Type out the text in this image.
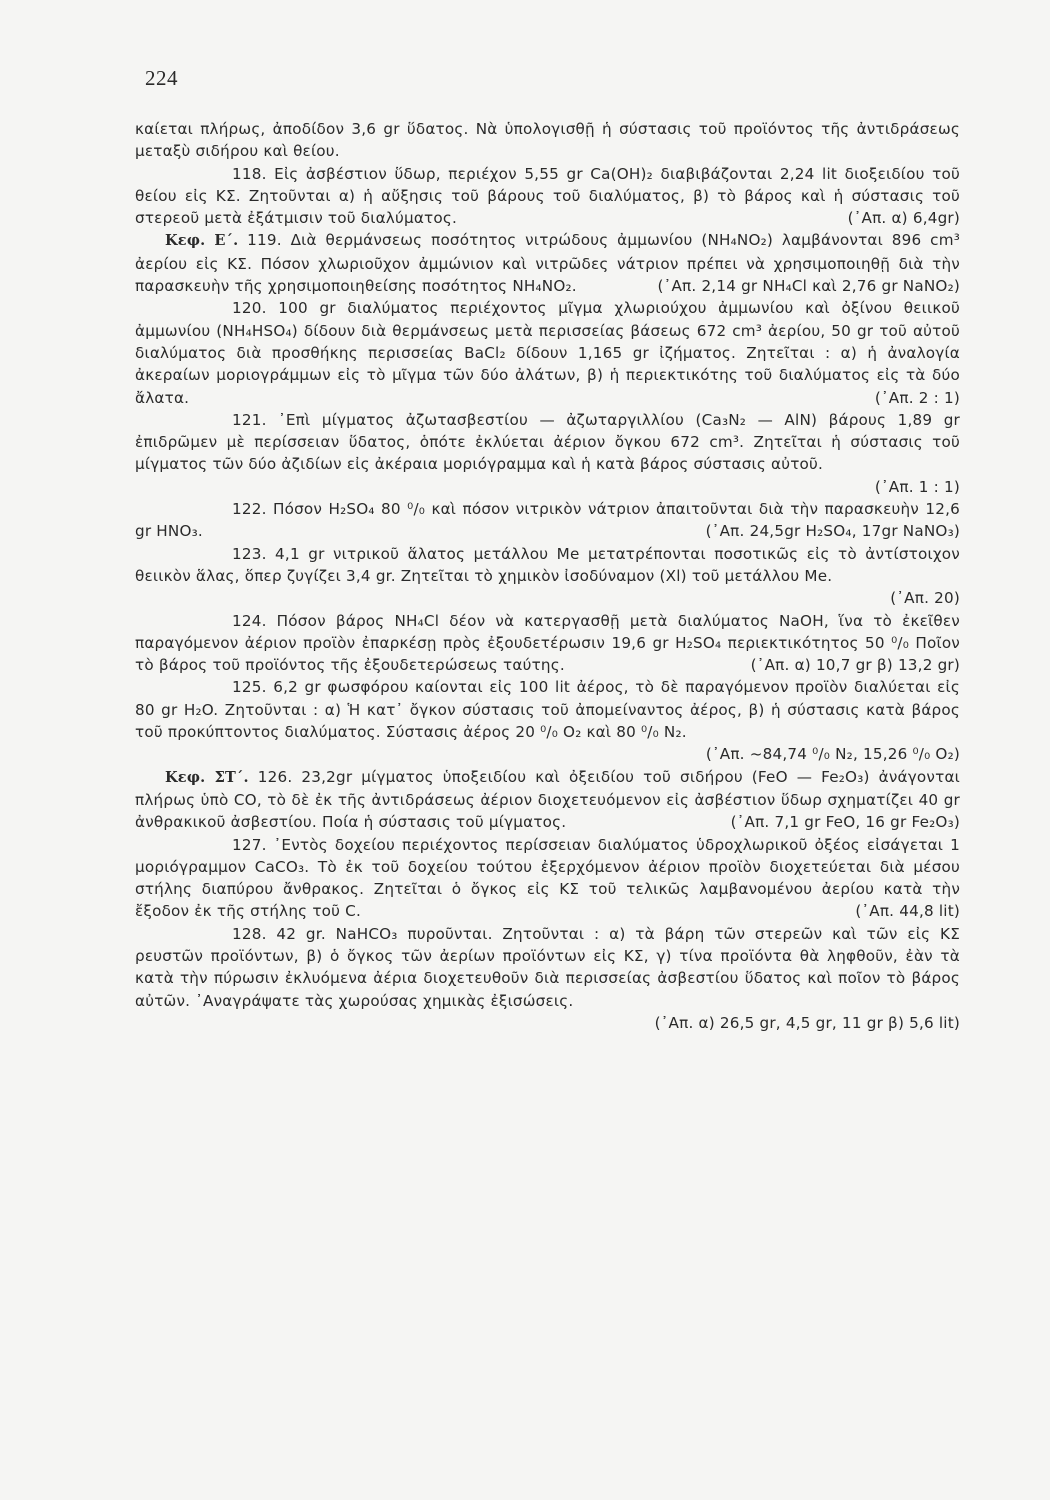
224

καίεται πλήρως, ἀποδίδον 3,6 gr ὕδατος. Νὰ ὑπολογισθῇ ἡ σύστασις τοῦ προϊόντος τῆς ἀντιδράσεως μεταξὺ σιδήρου καὶ θείου.

118. Εἰς ἀσβέστιον ὕδωρ, περιέχον 5,55 gr Ca(OH)₂ διαβιβάζονται 2,24 lit διοξειδίου τοῦ θείου εἰς ΚΣ. Ζητοῦνται α) ἡ αὔξησις τοῦ βάρους τοῦ διαλύματος, β) τὸ βάρος καὶ ἡ σύστασις τοῦ στερεοῦ μετὰ ἐξάτμισιν τοῦ διαλύματος.	(᾿Απ. α) 6,4gr)

Κεφ. Ε΄. 119. Διὰ θερμάνσεως ποσότητος νιτρώδους ἀμμωνίου (NH₄NO₂) λαμβάνονται 896 cm³ ἀερίου εἰς ΚΣ. Πόσον χλωριοῦχον ἀμμώνιον καὶ νιτρῶδες νάτριον πρέπει νὰ χρησιμοποιηθῇ διὰ τὴν παρασκευὴν τῆς χρησιμοποιηθείσης ποσότητος NH₄NO₂.	(᾿Απ. 2,14 gr NH₄Cl καὶ 2,76 gr NaNO₂)

120. 100 gr διαλύματος περιέχοντος μῖγμα χλωριούχου ἀμμωνίου καὶ ὀξίνου θειικοῦ ἀμμωνίου (NH₄HSO₄) δίδουν διὰ θερμάνσεως μετὰ περισσείας βάσεως 672 cm³ ἀερίου, 50 gr τοῦ αὐτοῦ διαλύματος διὰ προσθήκης περισσείας BaCl₂ δίδουν 1,165 gr ἰζήματος. Ζητεῖται : α) ἡ ἀναλογία ἀκεραίων μοριογράμμων εἰς τὸ μῖγμα τῶν δύο ἀλάτων, β) ἡ περιεκτικότης τοῦ διαλύματος εἰς τὰ δύο ἄλατα.	(᾿Απ. 2 : 1)

121. ᾿Επὶ μίγματος ἀζωτασβεστίου — ἀζωταργιλλίου (Ca₃N₂ — AlN) βάρους 1,89 gr ἐπιδρῶμεν μὲ περίσσειαν ὕδατος, ὁπότε ἐκλύεται ἀέριον ὄγκου 672 cm³. Ζητεῖται ἡ σύστασις τοῦ μίγματος τῶν δύο ἀζιδίων εἰς ἀκέραια μοριόγραμμα καὶ ἡ κατὰ βάρος σύστασις αὐτοῦ.
(᾿Απ. 1 : 1)

122. Πόσον H₂SO₄ 80 ⁰/₀ καὶ πόσον νιτρικὸν νάτριον ἀπαιτοῦνται διὰ τὴν παρασκευὴν 12,6 gr HNO₃.	(᾿Απ. 24,5gr H₂SO₄, 17gr NaNO₃)

123. 4,1 gr νιτρικοῦ ἅλατος μετάλλου Me μετατρέπονται ποσοτικῶς εἰς τὸ ἀντίστοιχον θειικὸν ἅλας, ὅπερ ζυγίζει 3,4 gr. Ζητεῖται τὸ χημικὸν ἰσοδύναμον (Χl) τοῦ μετάλλου Me.
(᾿Απ. 20)

124. Πόσον βάρος NH₄Cl δέον νὰ κατεργασθῇ μετὰ διαλύματος NaOH, ἵνα τὸ ἐκεῖθεν παραγόμενον ἀέριον προϊὸν ἐπαρκέσῃ πρὸς ἐξουδετέρωσιν 19,6 gr H₂SO₄ περιεκτικότητος 50 ⁰/₀ Ποῖον τὸ βάρος τοῦ προϊόντος τῆς ἐξουδετερώσεως ταύτης.	(᾿Απ. α) 10,7 gr β) 13,2 gr)

125. 6,2 gr φωσφόρου καίονται εἰς 100 lit ἀέρος, τὸ δὲ παραγόμενον προϊὸν διαλύεται εἰς 80 gr H₂O. Ζητοῦνται : α) Ἡ κατ᾿ ὄγκον σύστασις τοῦ ἀπομείναντος ἀέρος, β) ἡ σύστασις κατὰ βάρος τοῦ προκύπτοντος διαλύματος. Σύστασις ἀέρος 20 ⁰/₀ O₂ καὶ 80 ⁰/₀ N₂.
(᾿Απ. ~84,74 ⁰/₀ N₂, 15,26 ⁰/₀ O₂)

Κεφ. ΣΤ΄. 126. 23,2gr μίγματος ὑποξειδίου καὶ ὀξειδίου τοῦ σιδήρου (FeO — Fe₂O₃) ἀνάγονται πλήρως ὑπὸ CO, τὸ δὲ ἐκ τῆς ἀντιδράσεως ἀέριον διοχετευόμενον εἰς ἀσβέστιον ὕδωρ σχηματίζει 40 gr ἀνθρακικοῦ ἀσβεστίου. Ποία ἡ σύστασις τοῦ μίγματος.	(᾿Απ. 7,1 gr FeO, 16 gr Fe₂O₃)

127. ᾿Εντὸς δοχείου περιέχοντος περίσσειαν διαλύματος ὑδροχλωρικοῦ ὀξέος εἰσάγεται 1 μοριόγραμμον CaCO₃. Τὸ ἐκ τοῦ δοχείου τούτου ἐξερχόμενον ἀέριον προϊὸν διοχετεύεται διὰ μέσου στήλης διαπύρου ἄνθρακος. Ζητεῖται ὁ ὄγκος εἰς ΚΣ τοῦ τελικῶς λαμβανομένου ἀερίου κατὰ τὴν ἔξοδον ἐκ τῆς στήλης τοῦ C.	(᾿Απ. 44,8 lit)

128. 42 gr. NaHCO₃ πυροῦνται. Ζητοῦνται : α) τὰ βάρη τῶν στερεῶν καὶ τῶν εἰς ΚΣ ρευστῶν προϊόντων, β) ὁ ὄγκος τῶν ἀερίων προϊόντων εἰς ΚΣ, γ) τίνα προϊόντα θὰ ληφθοῦν, ἐὰν τὰ κατὰ τὴν πύρωσιν ἐκλυόμενα ἀέρια διοχετευθοῦν διὰ περισσείας ἀσβεστίου ὕδατος καὶ ποῖον τὸ βάρος αὐτῶν. ᾿Αναγράψατε τὰς χωρούσας χημικὰς ἐξισώσεις.

(᾿Απ. α) 26,5 gr, 4,5 gr, 11 gr β) 5,6 lit)
